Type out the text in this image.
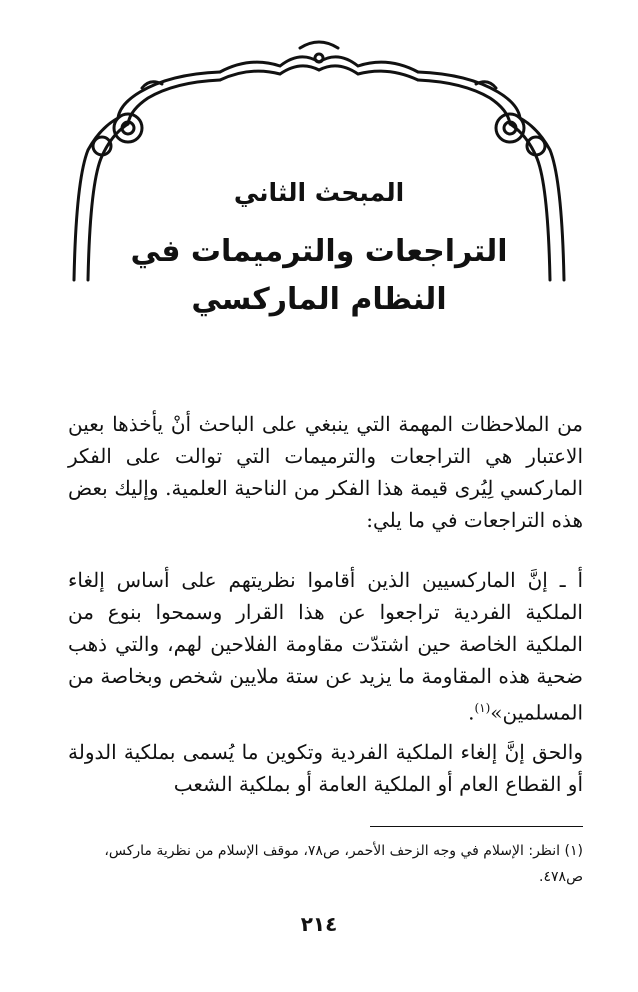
المبحث الثاني
التراجعات والترميمات في
النظام الماركسي

من الملاحظات المهمة التي ينبغي على الباحث أنْ يأخذها بعين الاعتبار هي التراجعات والترميمات التي توالت على الفكر الماركسي لِيُرى قيمة هذا الفكر من الناحية العلمية. وإليك بعض هذه التراجعات في ما يلي:

أ ـ إنَّ الماركسيين الذين أقاموا نظريتهم على أساس إلغاء الملكية الفردية تراجعوا عن هذا القرار وسمحوا بنوع من الملكية الخاصة حين اشتدّت مقاومة الفلاحين لهم، والتي ذهب ضحية هذه المقاومة ما يزيد عن ستة ملايين شخص وبخاصة من المسلمين»$^{(١)}$.

والحق إنَّ إلغاء الملكية الفردية وتكوين ما يُسمى بملكية الدولة أو القطاع العام أو الملكية العامة أو بملكية الشعب

(١) انظر: الإسلام في وجه الزحف الأحمر، ص٧٨، موقف الإسلام من نظرية ماركس، ص٤٧٨.
٢١٤
